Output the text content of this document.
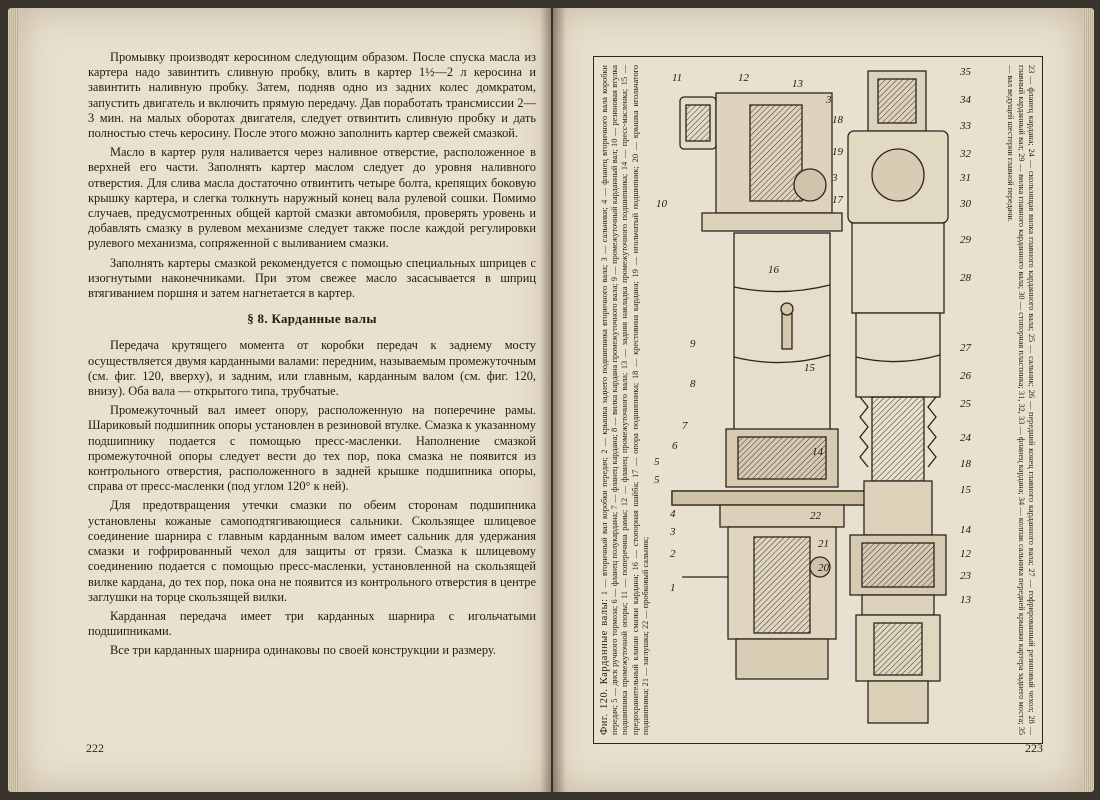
Промывку производят керосином следующим образом. После спуска масла из картера надо завинтить сливную пробку, влить в картер 1½—2 л керосина и завинтить наливную пробку. Затем, подняв одно из задних колес домкратом, запустить двигатель и включить прямую передачу. Дав поработать трансмиссии 2—3 мин. на малых оборотах двигателя, следует отвинтить сливную пробку и дать полностью стечь керосину. После этого можно заполнить картер свежей смазкой.

Масло в картер руля наливается через наливное отверстие, расположенное в верхней его части. Заполнять картер маслом следует до уровня наливного отверстия. Для слива масла достаточно отвинтить четыре болта, крепящих боковую крышку картера, и слегка толкнуть наружный конец вала рулевой сошки. Помимо случаев, предусмотренных общей картой смазки автомобиля, проверять уровень и добавлять смазку в рулевом механизме следует также после каждой регулировки рулевого механизма, сопряженной с выливанием смазки.

Заполнять картеры смазкой рекомендуется с помощью специальных шприцев с изогнутыми наконечниками. При этом свежее масло засасывается в шприц втягиванием поршня и затем нагнетается в картер.

§ 8. Карданные валы

Передача крутящего момента от коробки передач к заднему мосту осуществляется двумя карданными валами: передним, называемым промежуточным (см. фиг. 120, вверху), и задним, или главным, карданным валом (см. фиг. 120, внизу). Оба вала — открытого типа, трубчатые.

Промежуточный вал имеет опору, расположенную на поперечине рамы. Шариковый подшипник опоры установлен в резиновой втулке. Смазка к указанному подшипнику подается с помощью пресс-масленки. Наполнение смазкой промежуточной опоры следует вести до тех пор, пока смазка не появится из контрольного отверстия, расположенного в задней крышке подшипника опоры, справа от пресс-масленки (под углом 120° к ней).

Для предотвращения утечки смазки по обеим сторонам подшипника установлены кожаные самоподтягивающиеся сальники. Скользящее шлицевое соединение шарнира с главным карданным валом имеет сальник для удержания смазки и гофрированный чехол для защиты от грязи. Смазка к шлицевому соединению подается с помощью пресс-масленки, установленной на скользящей вилке кардана, до тех пор, пока она не появится из контрольного отверстия в центре заглушки на торце скользящей вилки.

Карданная передача имеет три карданных шарнира с игольчатыми подшипниками.

Все три карданных шарнира одинаковы по своей конструкции и размеру.

222
Фиг. 120. Карданные валы: 1 — вторичный вал коробки передач; 2 — крышка заднего подшипника вторичного вала; 3 — сальники; 4 — фланец вторичного вала коробки передач; 5 — диск ручного тормоза; 6 — фланец полукардана; 7 — фланец кардана; 8 — вилка кардана промежуточного вала; 9 — промежуточный карданный вал; 10 — резиновая втулка подшипника промежуточной опоры; 11 — поперечина рамы; 12 — фланец промежуточного вала; 13 — задняя накладка промежуточного подшипника; 14 — пресс-масленка; 15 — предохранительный клапан смазки кардана; 16 — стопорная шайба; 17 — опора подшипника; 18 — крестовина кардана; 19 — игольчатый подшипник; 20 — крышка игольчатого подшипника; 21 — заглушка; 22 — пробковый сальник;
11	12	13
3
18
19
3
17
10
16
9
15
8
7
6
5
5
4
3
2
1
14
22
21
20
35
34
33
32
31
30
29
28
27
26
25
24
18
15
14
12
23
13	23 — фланец кардана; 24 — скользящая вилка главного карданного вала; 25 — сальник; 26 — передний конец главного карданного вала; 27 — гофрированный резиновый чехол; 28 — главный карданный вал; 29 — вилка главного карданного вала; 30 — стопорная пластинка; 31, 32, 33 — фланец кардана; 34 — колпак сальника передней крышки картера заднего моста; 35 — вал ведущей шестерни главной передачи.
223
